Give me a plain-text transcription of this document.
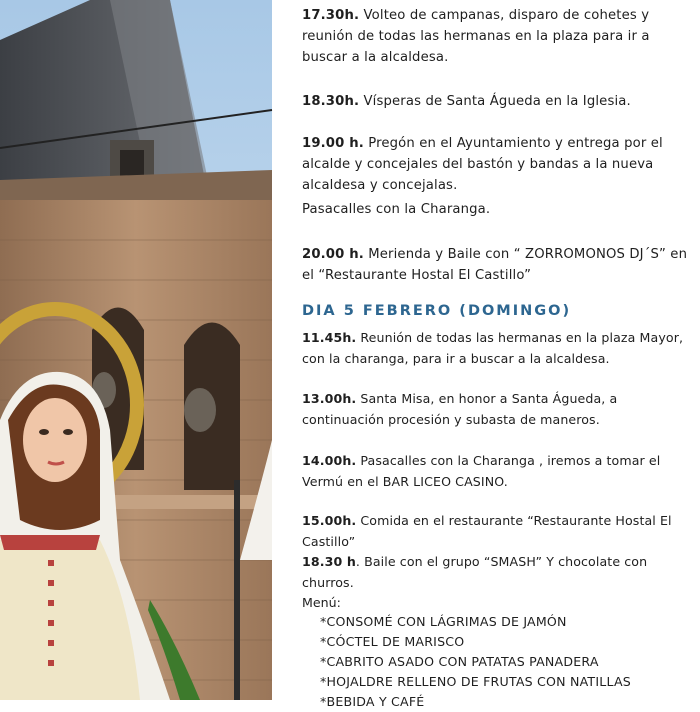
17.30h. Volteo de campanas, disparo de cohetes y reunión de todas las hermanas en la plaza para ir a buscar a la alcaldesa.

18.30h. Vísperas de Santa Águeda en la Iglesia.

19.00 h. Pregón en el Ayuntamiento y entrega por el alcalde y concejales del bastón y bandas a la nueva alcaldesa y concejalas.

Pasacalles con la Charanga.

20.00 h. Merienda y Baile con “ ZORROMONOS DJ´S” en el “Restaurante Hostal El Castillo”

DIA 5 FEBRERO (DOMINGO)

11.45h. Reunión de todas las hermanas en la plaza Mayor, con la charanga, para ir a buscar a la alcaldesa.

13.00h. Santa Misa, en honor a Santa Águeda, a continuación procesión y subasta de maneros.

14.00h. Pasacalles con la Charanga , iremos a tomar el Vermú en el BAR LICEO CASINO.

15.00h. Comida en el restaurante “Restaurante Hostal El Castillo”

18.30 h. Baile con el grupo “SMASH” Y chocolate con churros.

Menú:
*CONSOMÉ CON LÁGRIMAS DE JAMÓN
*CÓCTEL DE MARISCO
*CABRITO ASADO CON PATATAS PANADERA
*HOJALDRE RELLENO DE FRUTAS CON NATILLAS
*BEBIDA Y CAFÉ
